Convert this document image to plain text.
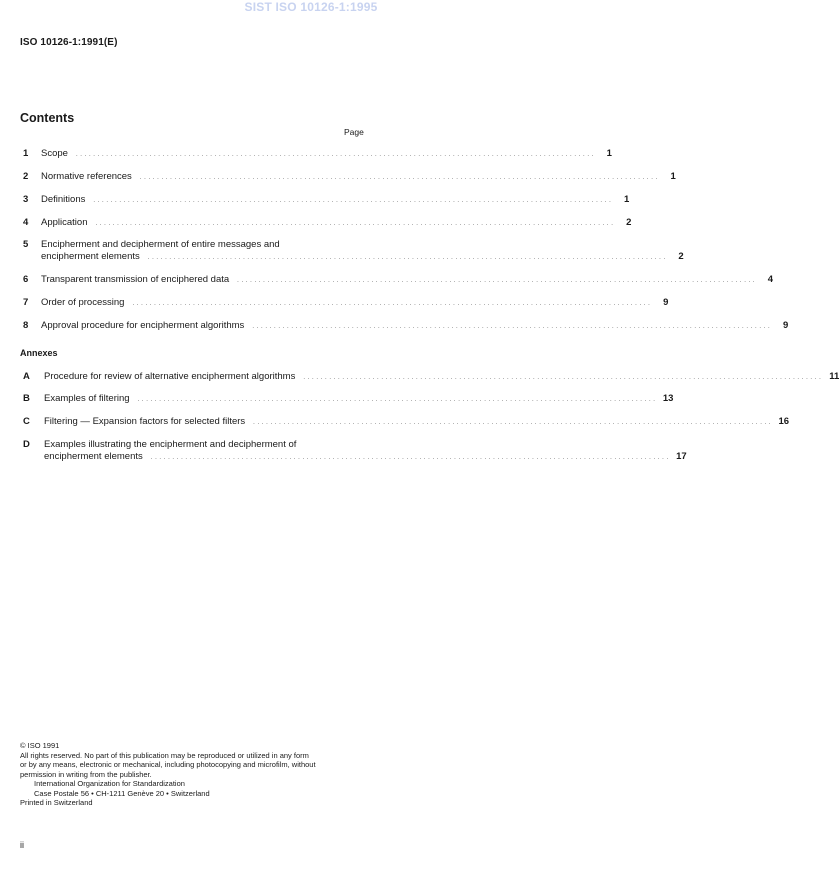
SIST ISO 10126-1:1995
ISO 10126-1:1991(E)
Contents
Page
1 Scope . . . . . . . . . . . . . . . . . . . . . . . . . . . . . . . . . . . . . . . . . . . . . . . . . . . . . . . . . . . . . . . . . . . . . . . . . . . . . . . . . . . . . . . . . . . . . . . . . . . . . . . . . . . . . . . . . . . . . . . .	1
2 Normative references . . . . . . . . . . . . . . . . . . . . . . . . . . . . . . . . . . . . . . . . . . . . . . . . . . . . . . . . . . . . . . . . . . . . . . . . . . . . . . . . . . . . . . . . . . . . . . . . . . . . . . . . . . . . . . . . . . . . . . . .	1
3 Definitions . . . . . . . . . . . . . . . . . . . . . . . . . . . . . . . . . . . . . . . . . . . . . . . . . . . . . . . . . . . . . . . . . . . . . . . . . . . . . . . . . . . . . . . . . . . . . . . . . . . . . . . . . . . . . . . . . . . . . . . .	1
4 Application . . . . . . . . . . . . . . . . . . . . . . . . . . . . . . . . . . . . . . . . . . . . . . . . . . . . . . . . . . . . . . . . . . . . . . . . . . . . . . . . . . . . . . . . . . . . . . . . . . . . . . . . . . . . . . . . . . . . . . . .	2
5 Encipherment and decipherment of entire messages and
encipherment elements . . . . . . . . . . . . . . . . . . . . . . . . . . . . . . . . . . . . . . . . . . . . . . . . . . . . . . . . . . . . . . . . . . . . . . . . . . . . . . . . . . . . . . . . . . . . . . . . . . . . . . . . . . . . . . . . . . . . . . . .	2
6 Transparent transmission of enciphered data . . . . . . . . . . . . . . . . . . . . . . . . . . . . . . . . . . . . . . . . . . . . . . . . . . . . . . . . . . . . . . . . . . . . . . . . . . . . . . . . . . . . . . . . . . . . . . . . . . . . . . . . . . . . . . . . . . . . . . . .	4
7 Order of processing . . . . . . . . . . . . . . . . . . . . . . . . . . . . . . . . . . . . . . . . . . . . . . . . . . . . . . . . . . . . . . . . . . . . . . . . . . . . . . . . . . . . . . . . . . . . . . . . . . . . . . . . . . . . . . . . . . . . . . . .	9
8 Approval procedure for encipherment algorithms . . . . . . . . . . . . . . . . . . . . . . . . . . . . . . . . . . . . . . . . . . . . . . . . . . . . . . . . . . . . . . . . . . . . . . . . . . . . . . . . . . . . . . . . . . . . . . . . . . . . . . . . . . . . . . . . . . . . . . . .	9
Annexes
A Procedure for review of alternative encipherment algorithms . . . . . . . . . . . . . . . . . . . . . . . . . . . . . . . . . . . . . . . . . . . . . . . . . . . . . . . . . . . . . . . . . . . . . . . . . . . . . . . . . . . . . . . . . . . . . . . . . . . . . . . . . . . . . . . . . . . . . . . . 11
B Examples of filtering . . . . . . . . . . . . . . . . . . . . . . . . . . . . . . . . . . . . . . . . . . . . . . . . . . . . . . . . . . . . . . . . . . . . . . . . . . . . . . . . . . . . . . . . . . . . . . . . . . . . . . . . . . . . . . . . . . . . . . . . 13
C Filtering — Expansion factors for selected filters . . . . . . . . . . . . . . . . . . . . . . . . . . . . . . . . . . . . . . . . . . . . . . . . . . . . . . . . . . . . . . . . . . . . . . . . . . . . . . . . . . . . . . . . . . . . . . . . . . . . . . . . . . . . . . . . . . . . . . . . 16
D Examples illustrating the encipherment and decipherment of
encipherment elements . . . . . . . . . . . . . . . . . . . . . . . . . . . . . . . . . . . . . . . . . . . . . . . . . . . . . . . . . . . . . . . . . . . . . . . . . . . . . . . . . . . . . . . . . . . . . . . . . . . . . . . . . . . . . . . . . . . . . . . . 17
© ISO 1991
All rights reserved. No part of this publication may be reproduced or utilized in any form
or by any means, electronic or mechanical, including photocopying and microfilm, without
permission in writing from the publisher.
International Organization for Standardization
Case Postale 56 • CH-1211 Genève 20 • Switzerland
Printed in Switzerland
ii
